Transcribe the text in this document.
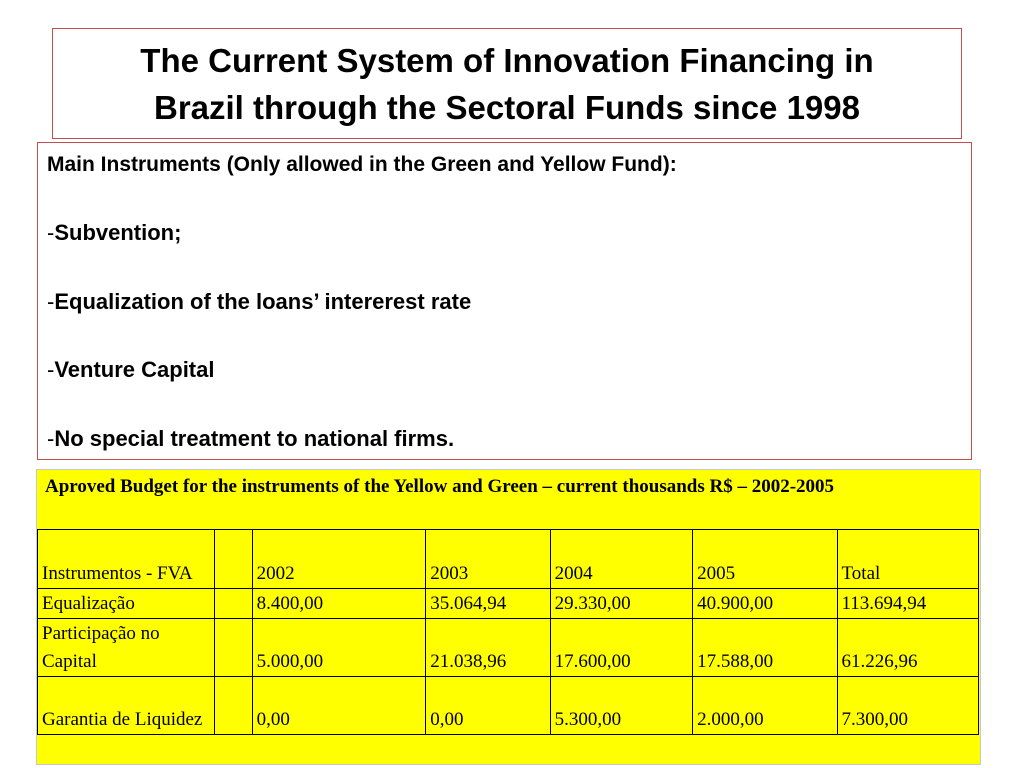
The Current System of Innovation Financing in
Brazil through the Sectoral Funds since 1998
Main Instruments (Only allowed in the Green and Yellow Fund):
-Subvention;
-Equalization of the loans’ intererest rate
-Venture Capital
-No special treatment to national firms.
Aproved Budget for the instruments of the Yellow and Green – current thousands R$ – 2002-2005
Instrumentos - FVA		2002	2003	2004	2005	Total
Equalização		8.400,00	35.064,94	29.330,00	40.900,00	113.694,94
Participação no Capital		5.000,00	21.038,96	17.600,00	17.588,00	61.226,96
Garantia de Liquidez		0,00	0,00	5.300,00	2.000,00	7.300,00
